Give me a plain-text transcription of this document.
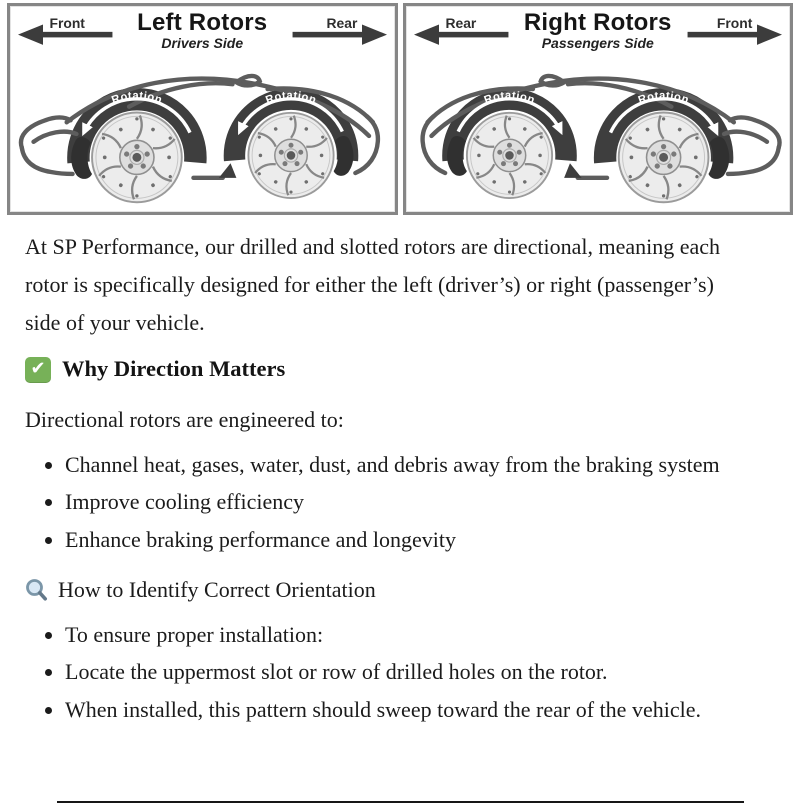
Front	Left Rotors
Drivers Side
Rear
Rotation	Rotation
Rear	Right Rotors
Passengers Side
Front
Rotation	Rotation

At SP Performance, our drilled and slotted rotors are directional, meaning each rotor is specifically designed for either the left (driver’s) or right (passenger’s) side of your vehicle.

✔ Why Direction Matters

Directional rotors are engineered to:

• Channel heat, gases, water, dust, and debris away from the braking system
• Improve cooling efficiency
• Enhance braking performance and longevity
How to Identify Correct Orientation
• To ensure proper installation:
• Locate the uppermost slot or row of drilled holes on the rotor.
• When installed, this pattern should sweep toward the rear of the vehicle.
